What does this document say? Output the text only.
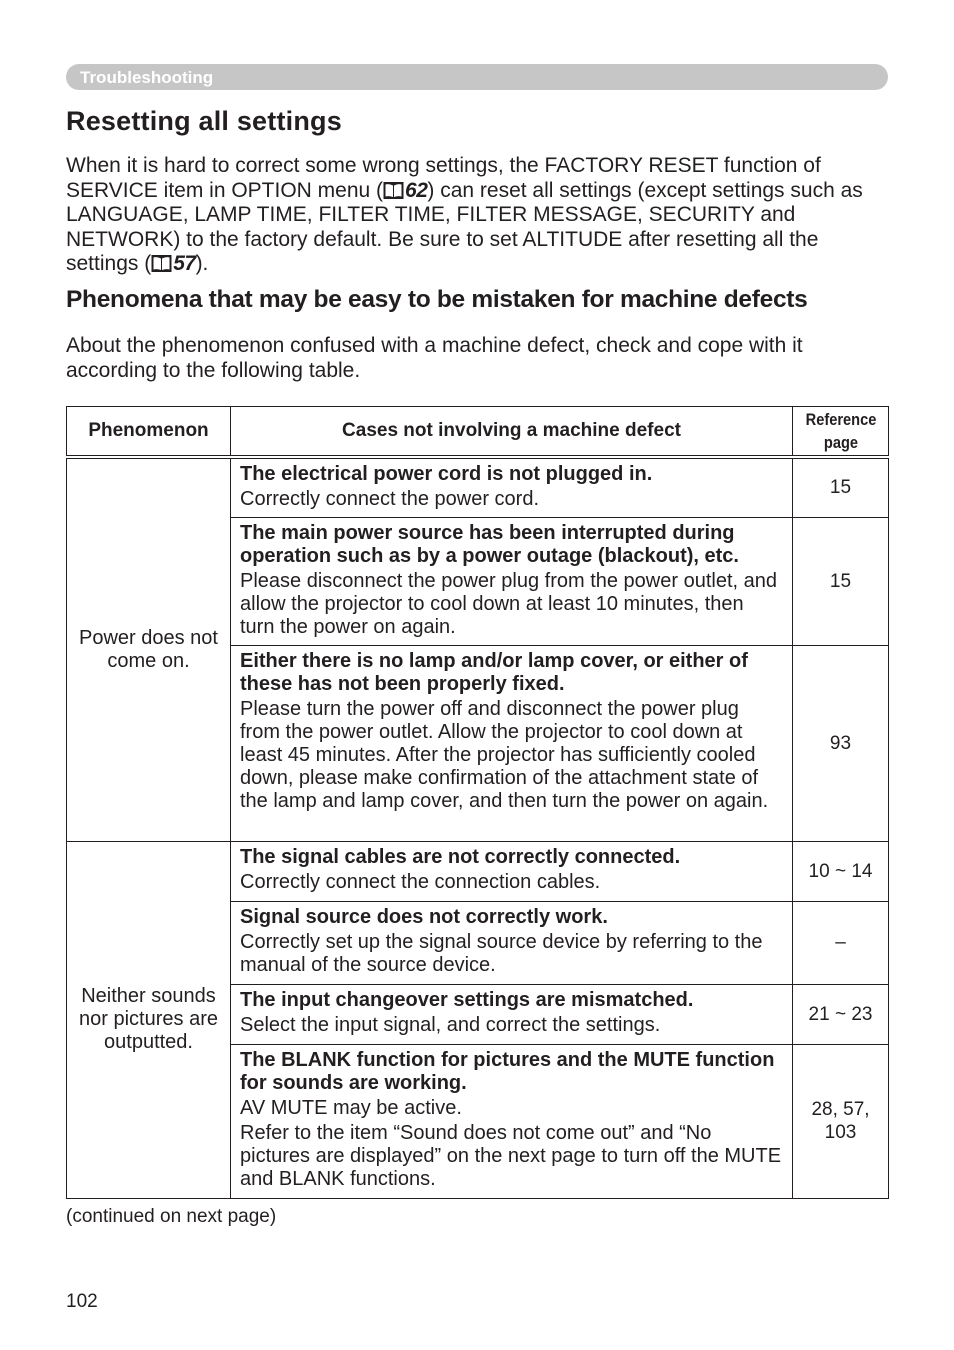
Troubleshooting
Resetting all settings

When it is hard to correct some wrong settings, the FACTORY RESET function of SERVICE item in OPTION menu ( 62) can reset all settings (except settings such as LANGUAGE, LAMP TIME, FILTER TIME, FILTER MESSAGE, SECURITY and NETWORK) to the factory default. Be sure to set ALTITUDE after resetting all the settings ( 57).

Phenomena that may be easy to be mistaken for machine defects

About the phenomenon confused with a machine defect, check and cope with it according to the following table.

Phenomenon	Cases not involving a machine defect	Reference
page
Power does not come on.	The electrical power cord is not plugged in.
Correctly connect the power cord.	15

	The main power source has been interrupted during operation such as by a power outage (blackout), etc.
Please disconnect the power plug from the power outlet, and allow the projector to cool down at least 10 minutes, then turn the power on again.	15

	Either there is no lamp and/or lamp cover, or either of these has not been properly fixed.
Please turn the power off and disconnect the power plug from the power outlet. Allow the projector to cool down at least 45 minutes. After the projector has sufficiently cooled down, please make confirmation of the attachment state of the lamp and lamp cover, and then turn the power on again.	93
Neither sounds nor pictures are outputted.	The signal cables are not correctly connected.
Correctly connect the connection cables.	10 ~ 14

	Signal source does not correctly work.
Correctly set up the signal source device by referring to the manual of the source device.	–

	The input changeover settings are mismatched.
Select the input signal, and correct the settings.	21 ~ 23

	The BLANK function for pictures and the MUTE function for sounds are working.
AV MUTE may be active.
Refer to the item “Sound does not come out” and “No pictures are displayed” on the next page to turn off the MUTE and BLANK functions.	28, 57, 103
(continued on next page)
102
